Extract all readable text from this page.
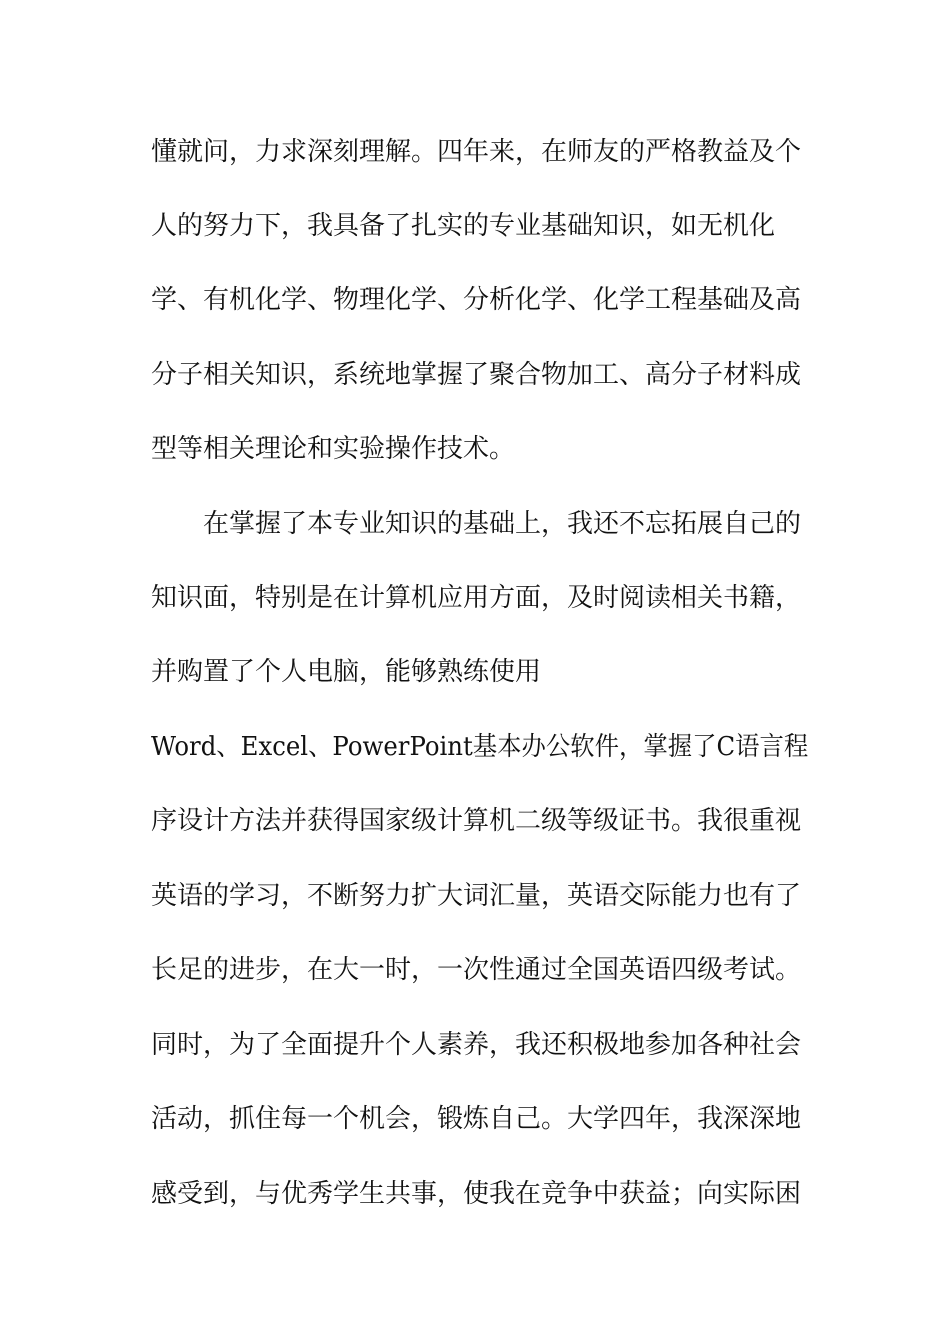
懂就问，力求深刻理解。四年来，在师友的严格教益及个
人的努力下，我具备了扎实的专业基础知识，如无机化
学、有机化学、物理化学、分析化学、化学工程基础及高
分子相关知识，系统地掌握了聚合物加工、高分子材料成
型等相关理论和实验操作技术。
在掌握了本专业知识的基础上，我还不忘拓展自己的
知识面，特别是在计算机应用方面，及时阅读相关书籍，
并购置了个人电脑，能够熟练使用
Word、Excel、PowerPoint基本办公软件，掌握了C语言程
序设计方法并获得国家级计算机二级等级证书。我很重视
英语的学习，不断努力扩大词汇量，英语交际能力也有了
长足的进步，在大一时，一次性通过全国英语四级考试。
同时，为了全面提升个人素养，我还积极地参加各种社会
活动，抓住每一个机会，锻炼自己。大学四年，我深深地
感受到，与优秀学生共事，使我在竞争中获益；向实际困
